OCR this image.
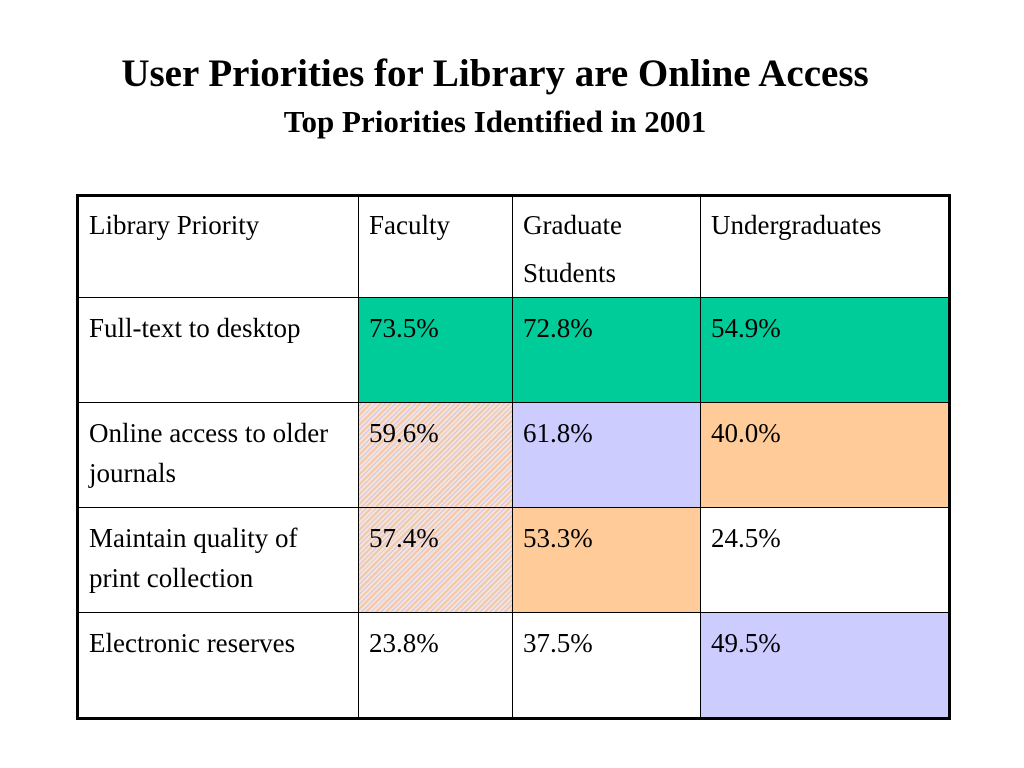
User Priorities for Library are Online Access
Top Priorities Identified in 2001
Library Priority	Faculty	Graduate Students	Undergraduates

Full-text to desktop	73.5%	72.8%	54.9%

Online access to older journals	59.6%	61.8%	40.0%

Maintain quality of print collection	57.4%	53.3%	24.5%

Electronic reserves	23.8%	37.5%	49.5%
